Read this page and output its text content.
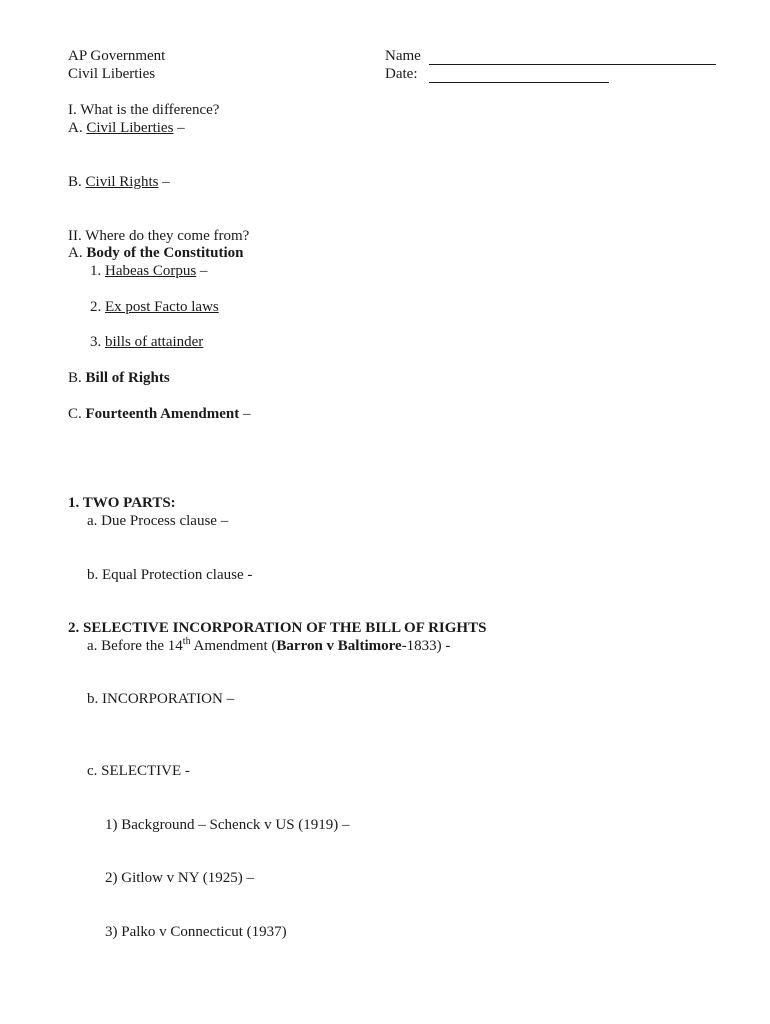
AP Government
Civil Liberties
Name
Date:
I. What is the difference?
A. Civil Liberties –
B. Civil Rights –
II. Where do they come from?
A. Body of the Constitution
1. Habeas Corpus –
2. Ex post Facto laws
3. bills of attainder
B. Bill of Rights
C. Fourteenth Amendment –
1. TWO PARTS:
a. Due Process clause –
b. Equal Protection clause -
2. SELECTIVE INCORPORATION OF THE BILL OF RIGHTS
a. Before the 14th Amendment (Barron v Baltimore-1833) -
b. INCORPORATION –
c. SELECTIVE -
1) Background – Schenck v US (1919) –
2) Gitlow v NY (1925) –
3) Palko v Connecticut (1937)
